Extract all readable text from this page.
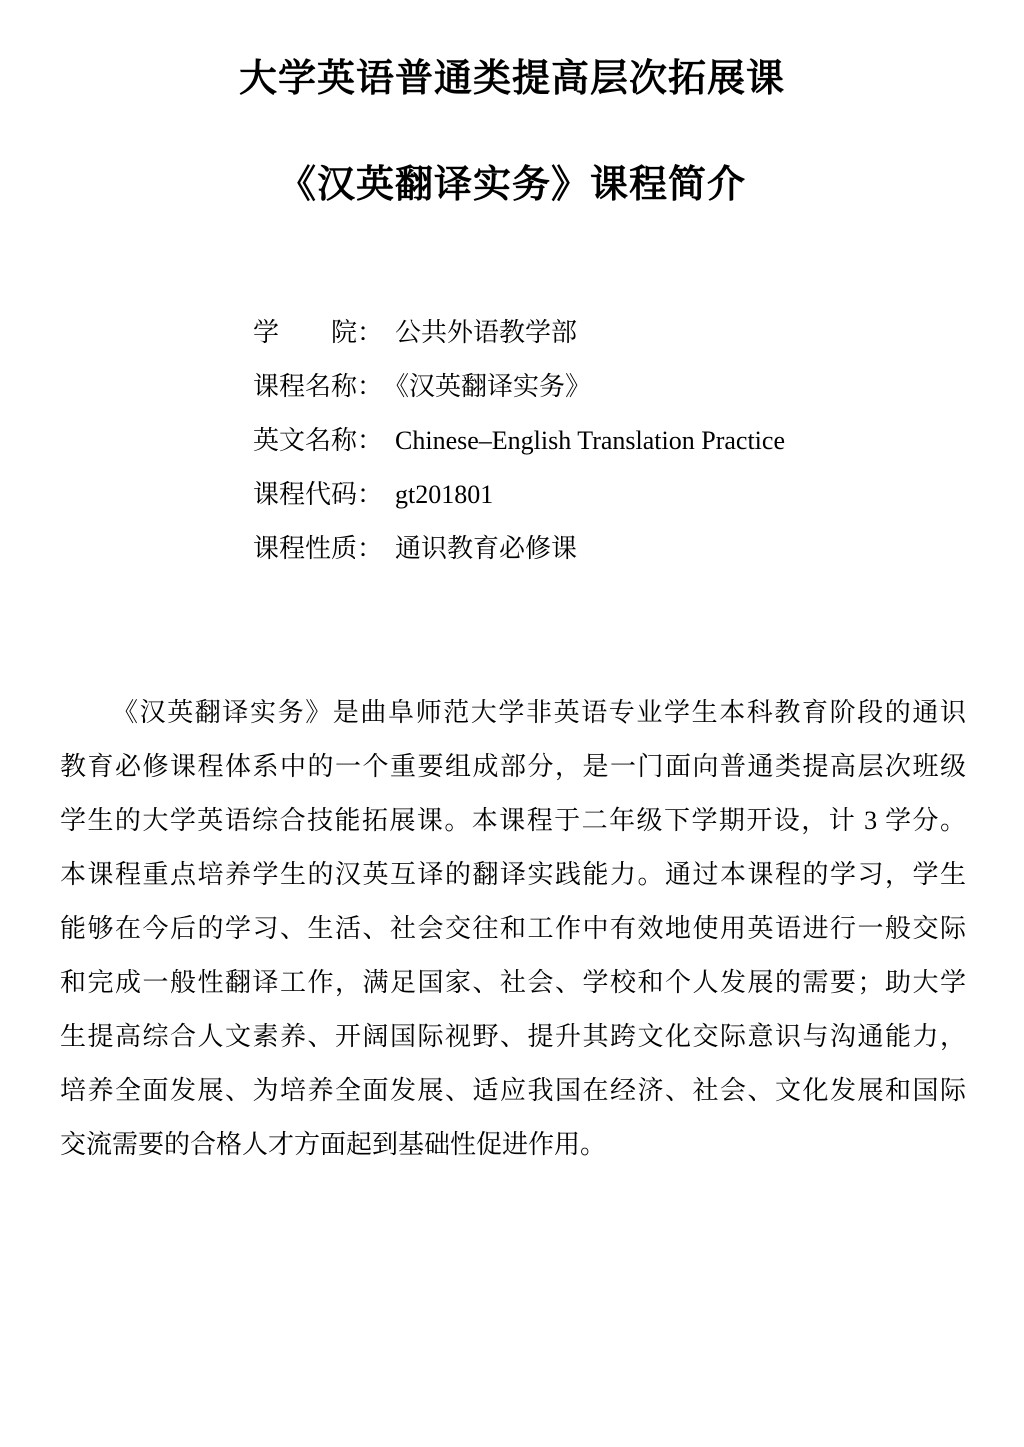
大学英语普通类提高层次拓展课
《汉英翻译实务》课程简介
学　　院： 公共外语教学部
课程名称：《汉英翻译实务》
英文名称： Chinese–English Translation Practice
课程代码： gt201801
课程性质： 通识教育必修课
《汉英翻译实务》是曲阜师范大学非英语专业学生本科教育阶段的通识
教育必修课程体系中的一个重要组成部分，是一门面向普通类提高层次班级
学生的大学英语综合技能拓展课。本课程于二年级下学期开设，计 3 学分。
本课程重点培养学生的汉英互译的翻译实践能力。通过本课程的学习，学生
能够在今后的学习、生活、社会交往和工作中有效地使用英语进行一般交际
和完成一般性翻译工作，满足国家、社会、学校和个人发展的需要；助大学
生提高综合人文素养、开阔国际视野、提升其跨文化交际意识与沟通能力，
培养全面发展、为培养全面发展、适应我国在经济、社会、文化发展和国际
交流需要的合格人才方面起到基础性促进作用。
